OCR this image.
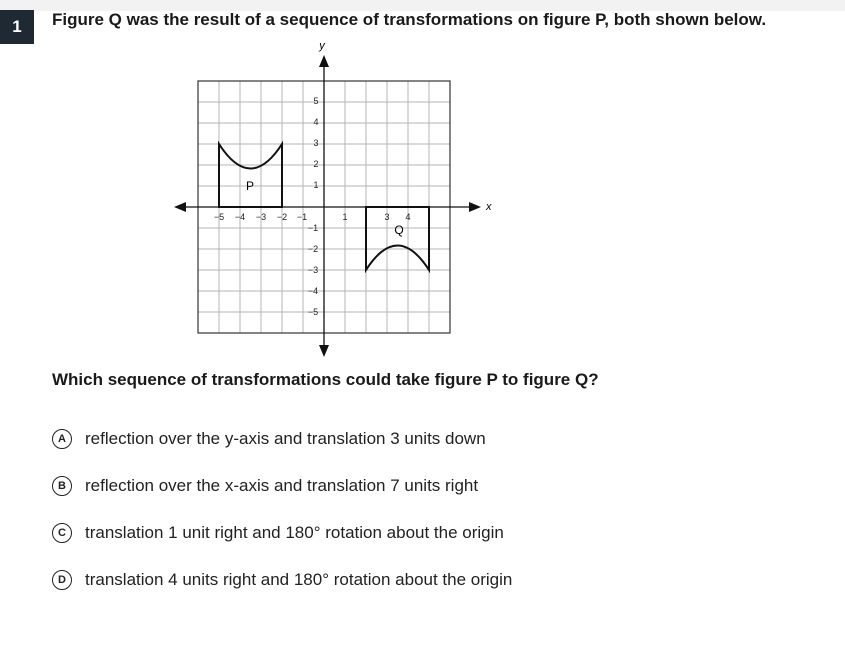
1	Figure Q was the result of a sequence of transformations on figure P, both shown below.
y
x
−5 −4 −3 −2 −1	1	3 4
5
4
3
2
1
−1
−2
−3
−4
−5
P
Q
Which sequence of transformations could take figure P to figure Q?
A	reflection over the y-axis and translation 3 units down
B	reflection over the x-axis and translation 7 units right
C	translation 1 unit right and 180° rotation about the origin
D	translation 4 units right and 180° rotation about the origin
